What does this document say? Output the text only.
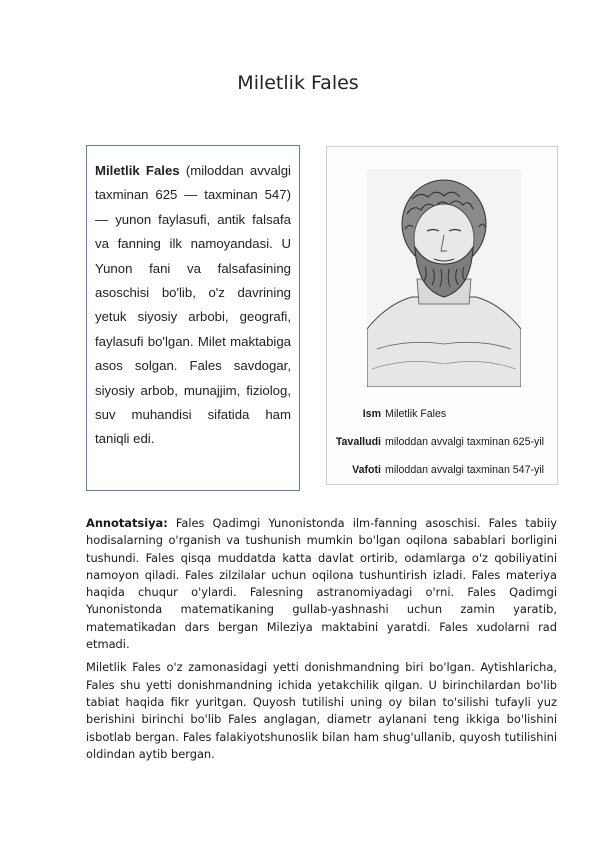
Miletlik Fales
Miletlik Fales (miloddan avvalgi taxminan 625 — taxminan 547) — yunon faylasufi, antik falsafa va fanning ilk namoyandasi. U Yunon fani va falsafasining asoschisi bo'lib, o'z davrining yetuk siyosiy arbobi, geografi, faylasufi bo'lgan. Milet maktabiga asos solgan. Fales savdogar, siyosiy arbob, munajjim, fiziolog, suv muhandisi sifatida ham taniqli edi.
Ism Miletlik Fales
Tavalludi miloddan avvalgi taxminan 625-yil
Vafoti miloddan avvalgi taxminan 547-yil

Annotatsiya: Fales Qadimgi Yunonistonda ilm-fanning asoschisi. Fales tabiiy hodisalarning o'rganish va tushunish mumkin bo'lgan oqilona sabablari borligini tushundi. Fales qisqa muddatda katta davlat ortirib, odamlarga o'z qobiliyatini namoyon qiladi. Fales zilzilalar uchun oqilona tushuntirish izladi. Fales materiya haqida chuqur o'ylardi. Falesning astranomiyadagi o'rni. Fales Qadimgi Yunonistonda matematikaning gullab-yashnashi uchun zamin yaratib, matematikadan dars bergan Mileziya maktabini yaratdi. Fales xudolarni rad etmadi.

Miletlik Fales o'z zamonasidagi yetti donishmandning biri bo'lgan. Aytishlaricha, Fales shu yetti donishmandning ichida yetakchilik qilgan. U birinchilardan bo'lib tabiat haqida fikr yuritgan. Quyosh tutilishi uning oy bilan to'silishi tufayli yuz berishini birinchi bo'lib Fales anglagan, diametr aylanani teng ikkiga bo'lishini isbotlab bergan. Fales falakiyotshunoslik bilan ham shug'ullanib, quyosh tutilishini oldindan aytib bergan.
